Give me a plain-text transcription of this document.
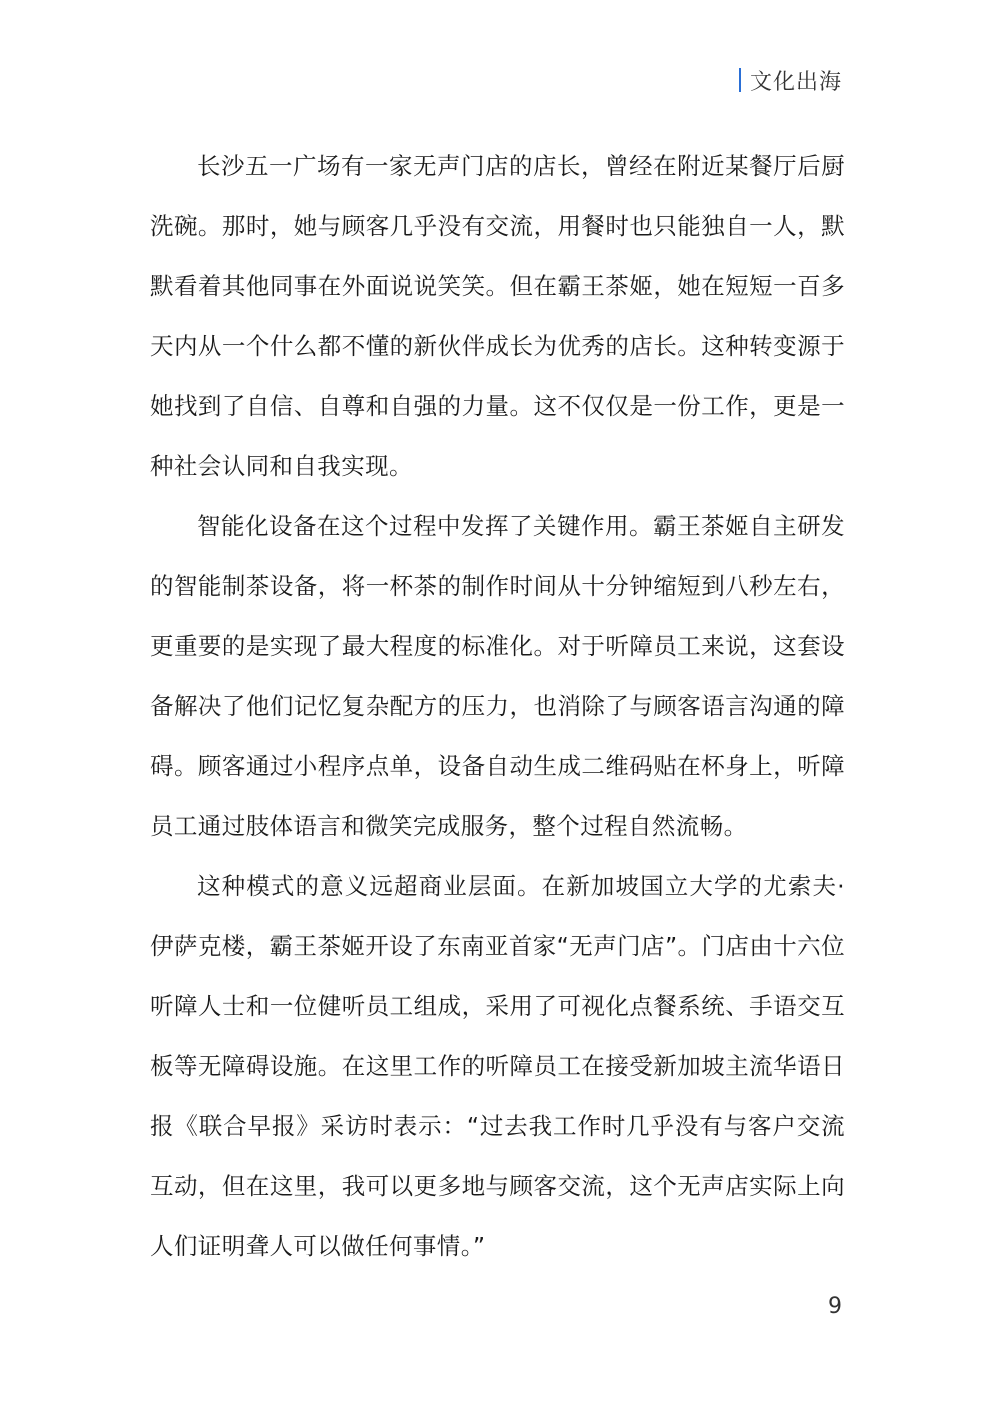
文化出海

长沙五一广场有一家无声门店的店长，曾经在附近某餐厅后厨洗碗。那时，她与顾客几乎没有交流，用餐时也只能独自一人，默默看着其他同事在外面说说笑笑。但在霸王茶姬，她在短短一百多天内从一个什么都不懂的新伙伴成长为优秀的店长。这种转变源于她找到了自信、自尊和自强的力量。这不仅仅是一份工作，更是一种社会认同和自我实现。

智能化设备在这个过程中发挥了关键作用。霸王茶姬自主研发的智能制茶设备，将一杯茶的制作时间从十分钟缩短到八秒左右，更重要的是实现了最大程度的标准化。对于听障员工来说，这套设备解决了他们记忆复杂配方的压力，也消除了与顾客语言沟通的障碍。顾客通过小程序点单，设备自动生成二维码贴在杯身上，听障员工通过肢体语言和微笑完成服务，整个过程自然流畅。

这种模式的意义远超商业层面。在新加坡国立大学的尤索夫·伊萨克楼，霸王茶姬开设了东南亚首家“无声门店”。门店由十六位听障人士和一位健听员工组成，采用了可视化点餐系统、手语交互板等无障碍设施。在这里工作的听障员工在接受新加坡主流华语日报《联合早报》采访时表示：“过去我工作时几乎没有与客户交流互动，但在这里，我可以更多地与顾客交流，这个无声店实际上向人们证明聋人可以做任何事情。”

9
